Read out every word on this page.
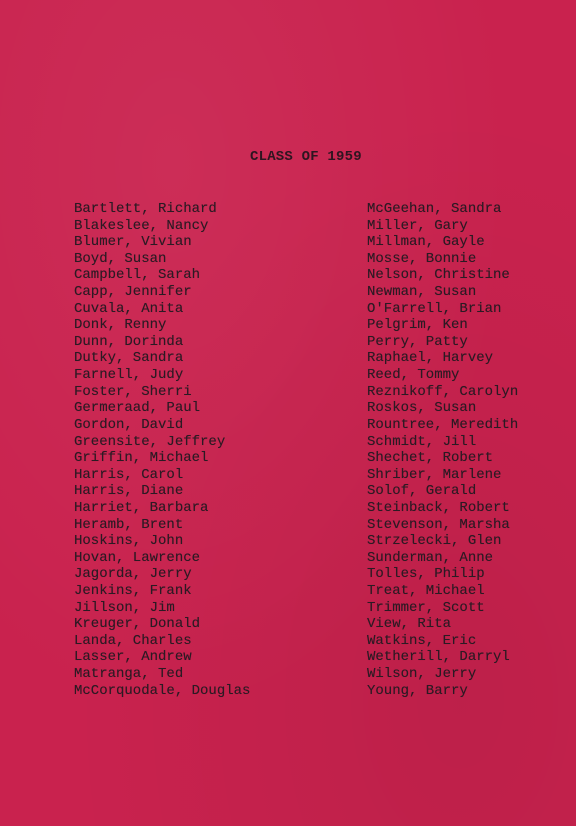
CLASS OF 1959
Bartlett, Richard
Blakeslee, Nancy
Blumer, Vivian
Boyd, Susan
Campbell, Sarah
Capp, Jennifer
Cuvala, Anita
Donk, Renny
Dunn, Dorinda
Dutky, Sandra
Farnell, Judy
Foster, Sherri
Germeraad, Paul
Gordon, David
Greensite, Jeffrey
Griffin, Michael
Harris, Carol
Harris, Diane
Harriet, Barbara
Heramb, Brent
Hoskins, John
Hovan, Lawrence
Jagorda, Jerry
Jenkins, Frank
Jillson, Jim
Kreuger, Donald
Landa, Charles
Lasser, Andrew
Matranga, Ted
McCorquodale, Douglas
McGeehan, Sandra
Miller, Gary
Millman, Gayle
Mosse, Bonnie
Nelson, Christine
Newman, Susan
O'Farrell, Brian
Pelgrim, Ken
Perry, Patty
Raphael, Harvey
Reed, Tommy
Reznikoff, Carolyn
Roskos, Susan
Rountree, Meredith
Schmidt, Jill
Shechet, Robert
Shriber, Marlene
Solof, Gerald
Steinback, Robert
Stevenson, Marsha
Strzelecki, Glen
Sunderman, Anne
Tolles, Philip
Treat, Michael
Trimmer, Scott
View, Rita
Watkins, Eric
Wetherill, Darryl
Wilson, Jerry
Young, Barry
